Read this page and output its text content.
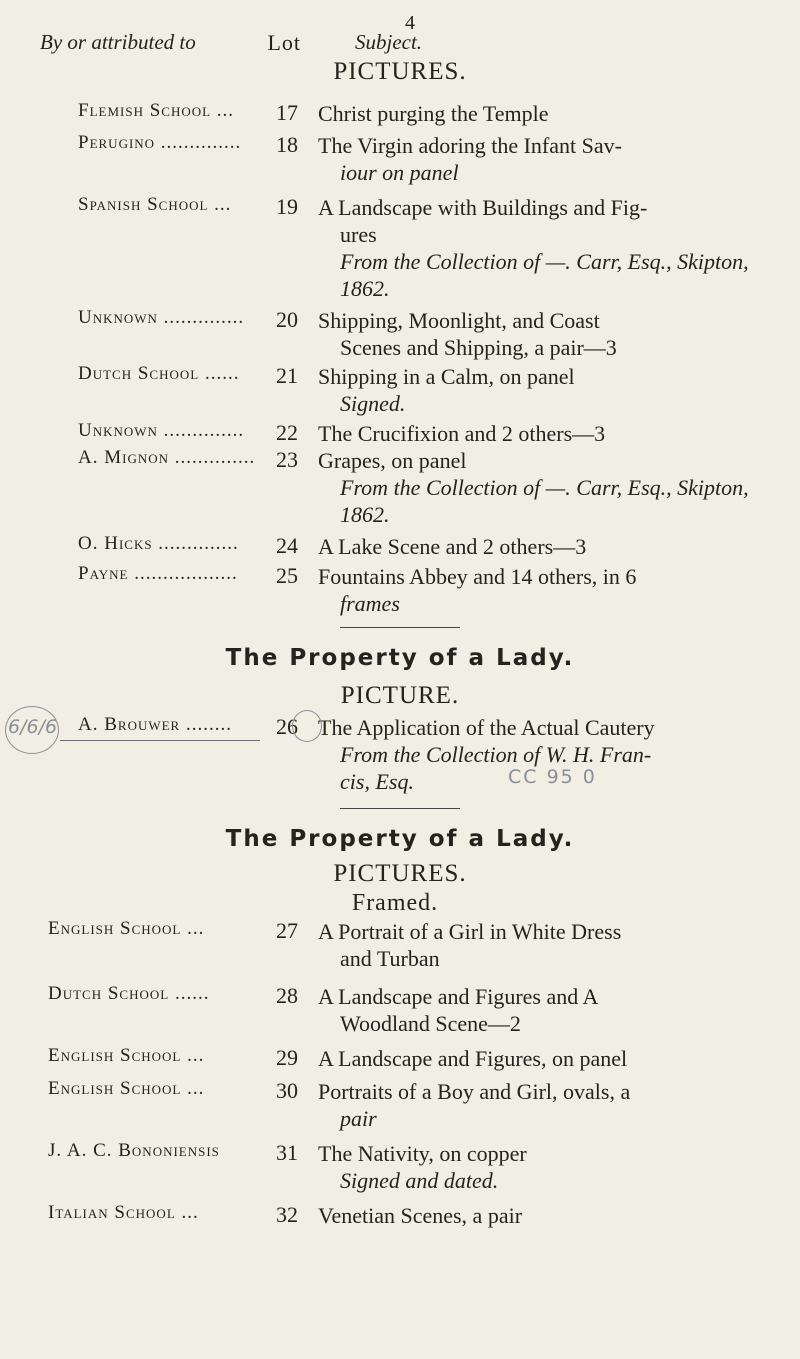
4
By or attributed to	Lot	Subject.
PICTURES.
Flemish School ...	17 Christ purging the Temple
Perugino ..............	18 The Virgin adoring the Infant Sav-
iour on panel
Spanish School ...	19 A Landscape with Buildings and Fig-
ures
From the Collection of —. Carr, Esq., Skipton, 1862.
Unknown ..............	20 Shipping, Moonlight, and Coast
Scenes and Shipping, a pair—3
Dutch School ......	21 Shipping in a Calm, on panel
Signed.
Unknown ..............	22 The Crucifixion and 2 others—3
A. Mignon .............. 23 Grapes, on panel
From the Collection of —. Carr, Esq., Skipton, 1862.
O. Hicks ..............	24 A Lake Scene and 2 others—3
Payne ..................	25 Fountains Abbey and 14 others, in 6
frames
The Property of a Lady.
PICTURE.
6/6/6 A. Brouwer ........	26 The Application of the Actual Cautery
From the Collection of W. H. Fran-
cis, Esq.	CC 95 0
The Property of a Lady.
PICTURES.
Framed.
English School ...	27 A Portrait of a Girl in White Dress
and Turban
Dutch School ......	28 A Landscape and Figures and A
Woodland Scene—2
English School ...	29 A Landscape and Figures, on panel
English School ...	30 Portraits of a Boy and Girl, ovals, a
pair
J. A. C. Bononiensis	31 The Nativity, on copper
Signed and dated.
Italian School ...	32 Venetian Scenes, a pair
